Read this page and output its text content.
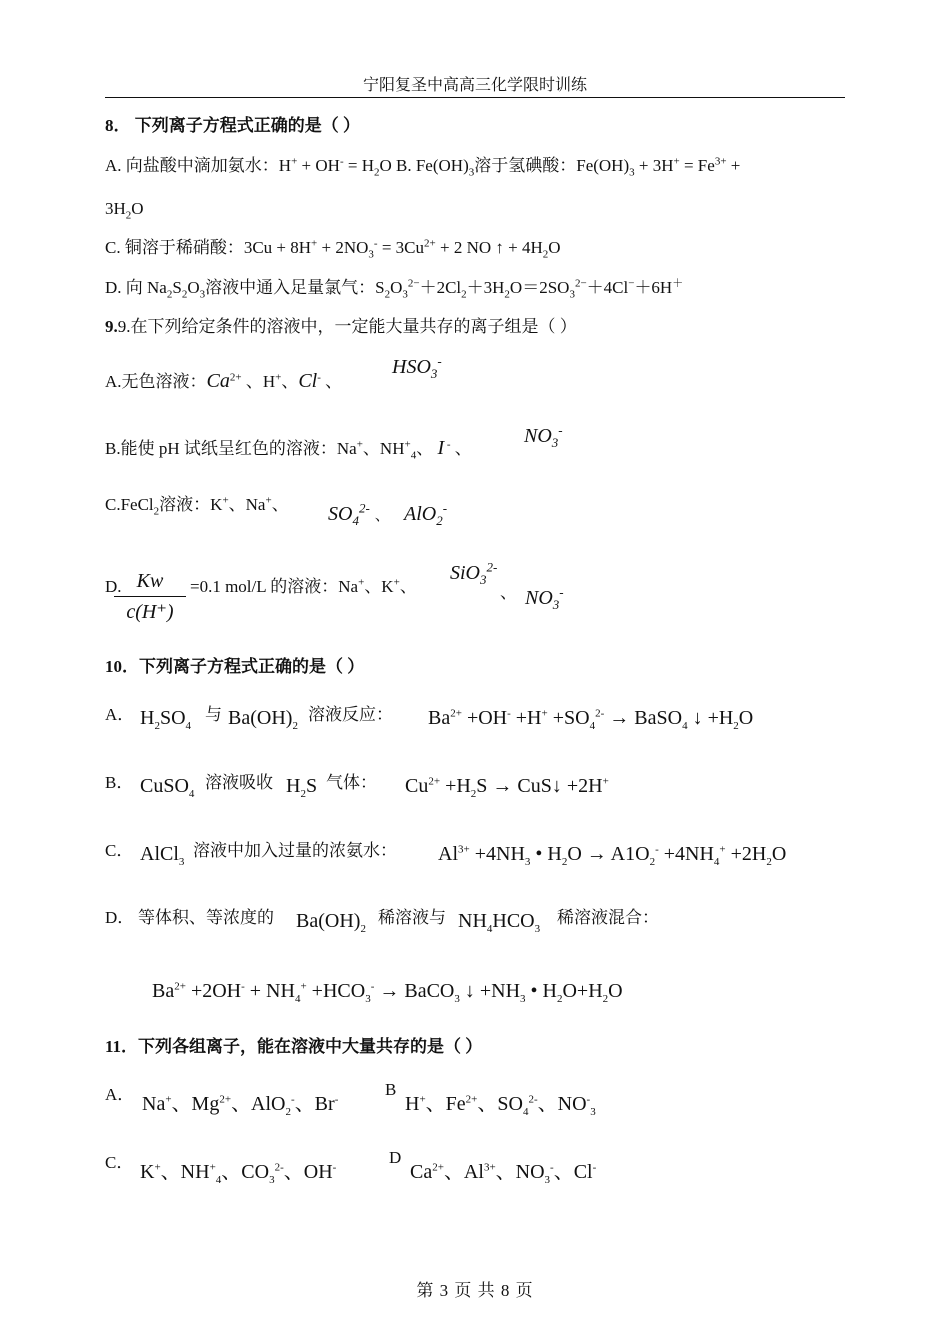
宁阳复圣中高高三化学限时训练
8． 下列离子方程式正确的是（ ）
A. 向盐酸中滴加氨水：$H^+ + OH^- = H_2O$ B. $Fe(OH)_3$溶于氢碘酸：$Fe(OH)_3 + 3H^+ = Fe^{3+}$ +
$3H_2O$
C. 铜溶于稀硝酸：$3Cu + 8H^+ + 2NO_3^- = 3Cu^{2+} + 2$ NO ↑ + $4H_2O$
D. 向 $Na_2S_2O_3$溶液中通入足量氯气：$S_2O_3^{2-}+2Cl_2+3H_2O=2SO_3^{2-}+4Cl^-+6H^+$
9.9.在下列给定条件的溶液中，一定能大量共存的离子组是（ ）
A.无色溶液：$Ca^{2+}$ 、H+、Cl- 、
$HSO_3^-$
B.能使 pH 试纸呈红色的溶液：Na+、$NH^+_4$、 I - 、
$NO_3^-$
C.FeCl$_2$溶液：K+、Na+、 $SO_4^{2-}$ 、 AlO$_2$-
D. Kw
c(H⁺)
=0.1 mol/L 的溶液：Na+、K+、
SiO$_3^{2-}$
、 $NO_3^-$
10．下列离子方程式正确的是（ ）
A． $H_2SO_4$
与 $Ba(OH)_2$
溶液反应： $Ba^{2+} +OH^- +H^+ +SO_4^{2-}$ → BaSO$_4$ ↓ $+H_2O$
B． CuSO$_4$
溶液吸收 $H_2S$ 气体： $Cu^{2+} +H_2S$ → CuS↓ +2H+
C． AlCl$_3$
溶液中加入过量的浓氨水： $Al^{3+} +4NH_3$ • $H_2O \to A1O_2^- +4NH_4^+ +2H_2O$
D． 等体积、等浓度的 $Ba(OH)_2$
稀溶液与 $NH_4HCO_3$
稀溶液混合：
$Ba^{2+} +2OH^- + NH_4^+ +HCO_3^-$ → BaCO$_3$ ↓ $+NH_3$ • $H_2O+H_2O$
11．下列各组离子，能在溶液中大量共存的是（ ）
A． Na+、$Mg^{2+}$、AlO$_2$-、Br-
B
H+、$Fe^{2+}$、$SO_4^{2-}$、$NO^-_3$
C． K+、$NH^+_4$、$CO_3^{2-}$、OH-
D
$Ca^{2+}$、$Al^{3+}$、$NO_3^-$、Cl-
第 3 页 共 8 页
